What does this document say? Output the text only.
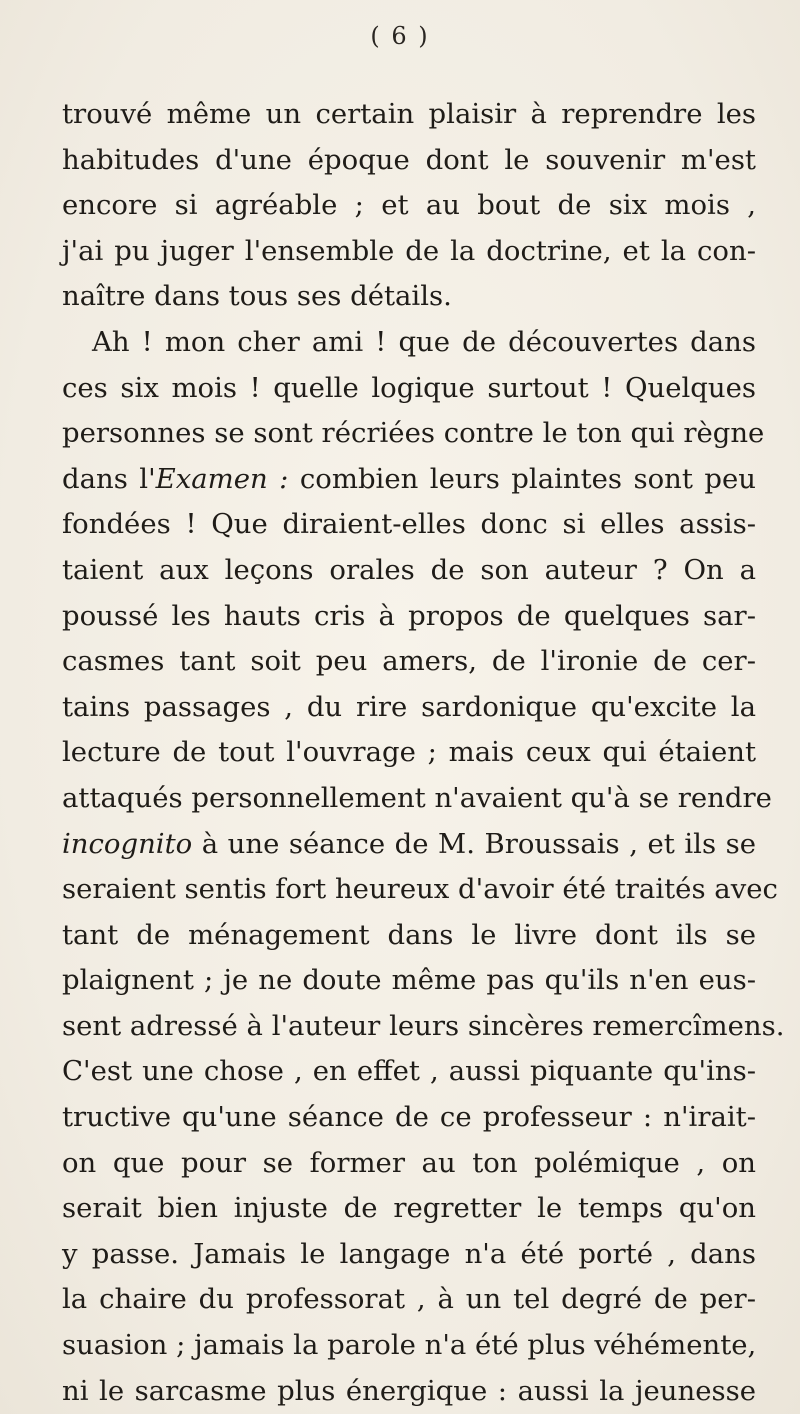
( 6 )
trouvé même un certain plaisir à reprendre les
habitudes d'une époque dont le souvenir m'est
encore si agréable ; et au bout de six mois ,
j'ai pu juger l'ensemble de la doctrine, et la con-
naître dans tous ses détails.
Ah ! mon cher ami ! que de découvertes dans
ces six mois ! quelle logique surtout ! Quelques
personnes se sont récriées contre le ton qui règne
dans l'Examen : combien leurs plaintes sont peu
fondées ! Que diraient-elles donc si elles assis-
taient aux leçons orales de son auteur ? On a
poussé les hauts cris à propos de quelques sar-
casmes tant soit peu amers, de l'ironie de cer-
tains passages , du rire sardonique qu'excite la
lecture de tout l'ouvrage ; mais ceux qui étaient
attaqués personnellement n'avaient qu'à se rendre
incognito à une séance de M. Broussais , et ils se
seraient sentis fort heureux d'avoir été traités avec
tant de ménagement dans le livre dont ils se
plaignent ; je ne doute même pas qu'ils n'en eus-
sent adressé à l'auteur leurs sincères remercîmens.
C'est une chose , en effet , aussi piquante qu'ins-
tructive qu'une séance de ce professeur : n'irait-
on que pour se former au ton polémique , on
serait bien injuste de regretter le temps qu'on
y passe. Jamais le langage n'a été porté , dans
la chaire du professorat , à un tel degré de per-
suasion ; jamais la parole n'a été plus véhémente,
ni le sarcasme plus énergique : aussi la jeunesse
